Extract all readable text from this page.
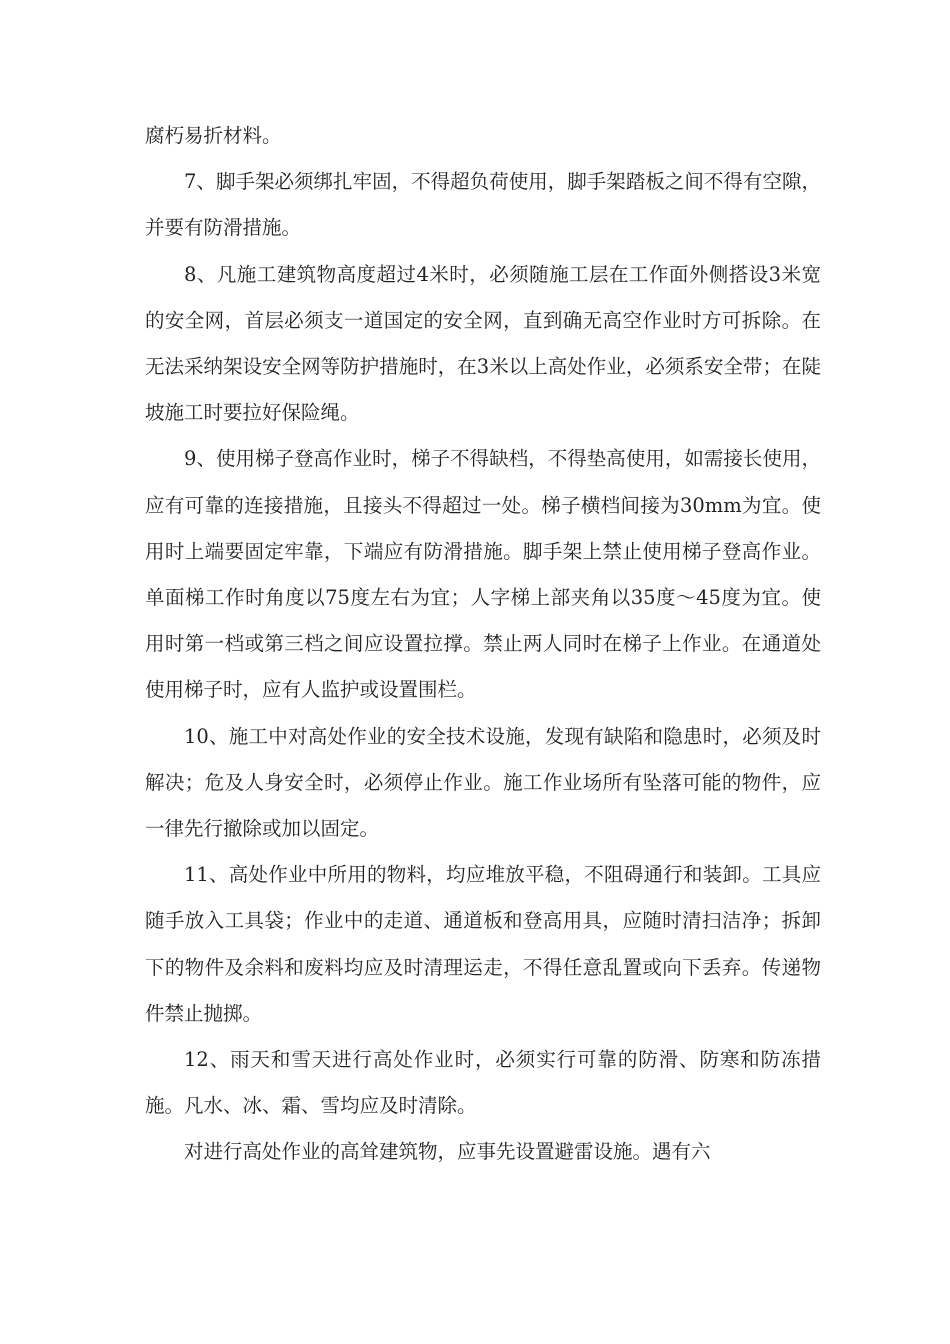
腐朽易折材料。

7、脚手架必须绑扎牢固，不得超负荷使用，脚手架踏板之间不得有空隙，并要有防滑措施。

8、凡施工建筑物高度超过4米时，必须随施工层在工作面外侧搭设3米宽的安全网，首层必须支一道国定的安全网，直到确无高空作业时方可拆除。在无法采纳架设安全网等防护措施时，在3米以上高处作业，必须系安全带；在陡坡施工时要拉好保险绳。

9、使用梯子登高作业时，梯子不得缺档，不得垫高使用，如需接长使用，应有可靠的连接措施，且接头不得超过一处。梯子横档间接为30mm为宜。使用时上端要固定牢靠，下端应有防滑措施。脚手架上禁止使用梯子登高作业。单面梯工作时角度以75度左右为宜；人字梯上部夹角以35度～45度为宜。使用时第一档或第三档之间应设置拉撑。禁止两人同时在梯子上作业。在通道处使用梯子时，应有人监护或设置围栏。

10、施工中对高处作业的安全技术设施，发现有缺陷和隐患时，必须及时解决；危及人身安全时，必须停止作业。施工作业场所有坠落可能的物件，应一律先行撤除或加以固定。

11、高处作业中所用的物料，均应堆放平稳，不阻碍通行和装卸。工具应随手放入工具袋；作业中的走道、通道板和登高用具，应随时清扫洁净；拆卸下的物件及余料和废料均应及时清理运走，不得任意乱置或向下丢弃。传递物件禁止抛掷。

12、雨天和雪天进行高处作业时，必须实行可靠的防滑、防寒和防冻措施。凡水、冰、霜、雪均应及时清除。

对进行高处作业的高耸建筑物，应事先设置避雷设施。遇有六
